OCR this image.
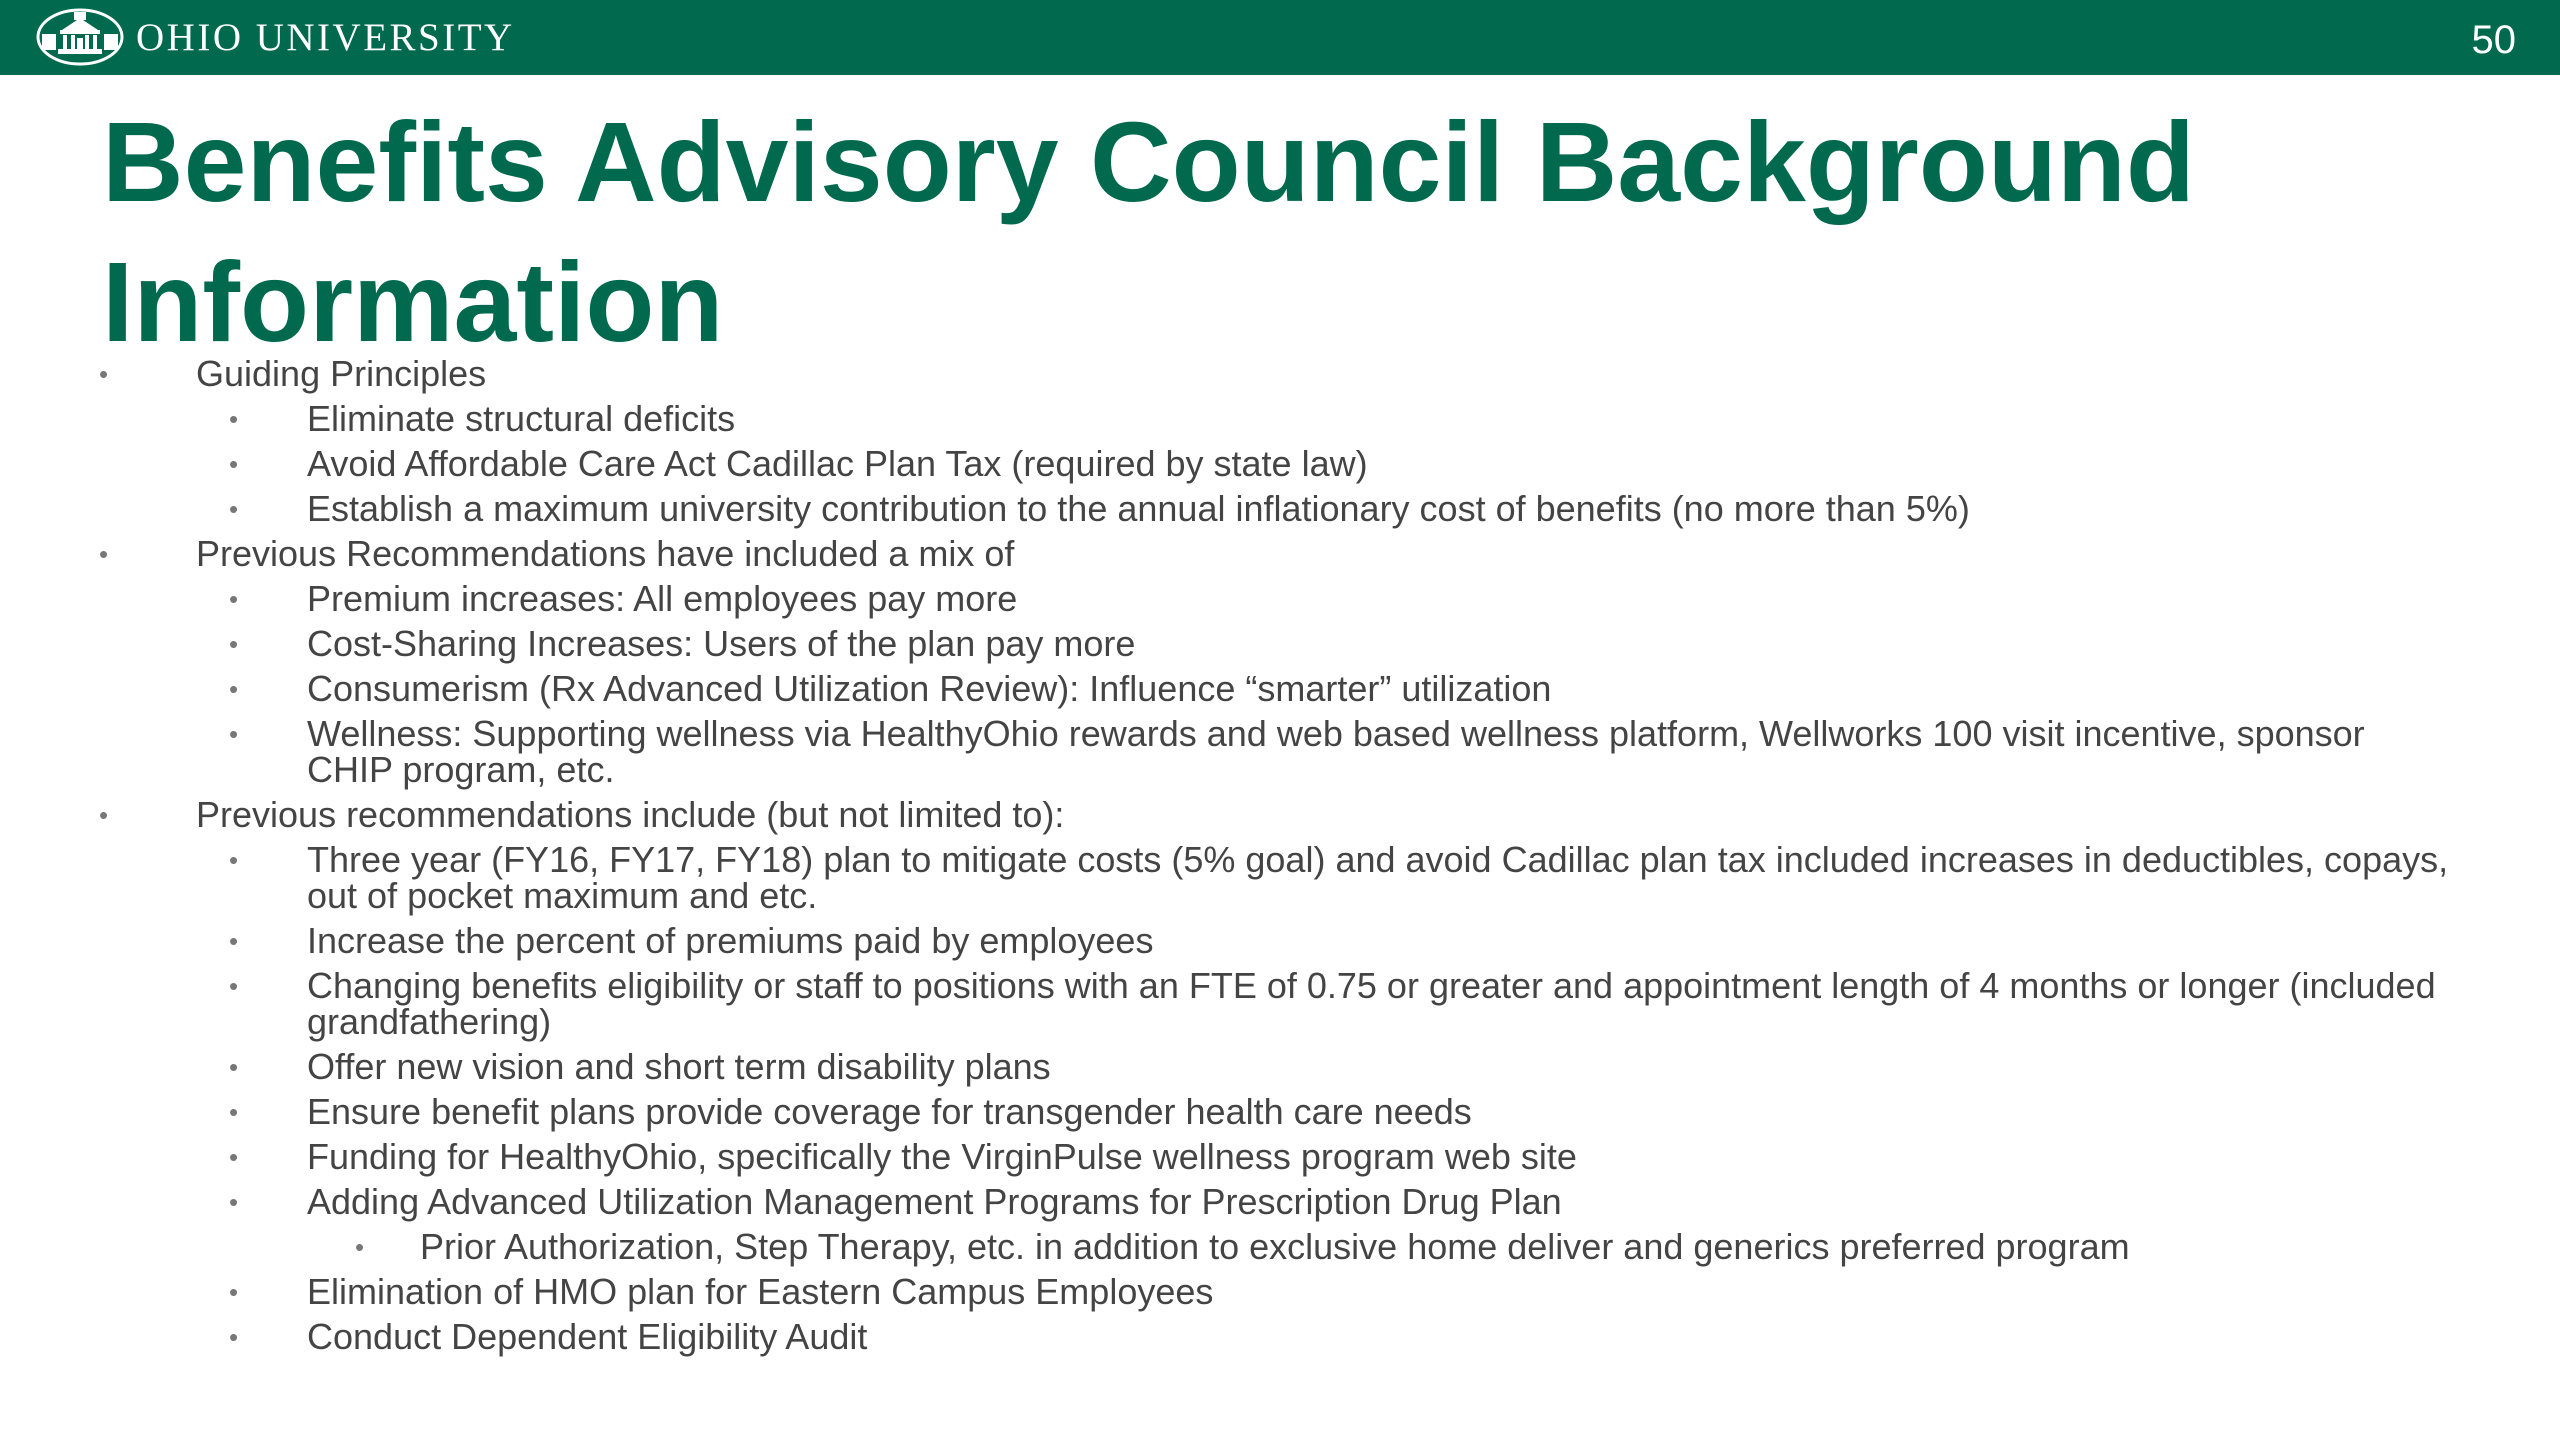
OHIO UNIVERSITY	50
Benefits Advisory Council Background Information
• Guiding Principles
• Eliminate structural deficits
• Avoid Affordable Care Act Cadillac Plan Tax (required by state law)
• Establish a maximum university contribution to the annual inflationary cost of benefits (no more than 5%)
• Previous Recommendations have included a mix of
• Premium increases: All employees pay more
• Cost-Sharing Increases: Users of the plan pay more
• Consumerism (Rx Advanced Utilization Review): Influence “smarter” utilization
• Wellness: Supporting wellness via HealthyOhio rewards and web based wellness platform, Wellworks 100 visit incentive, sponsor CHIP program, etc.
• Previous recommendations include (but not limited to):
• Three year (FY16, FY17, FY18) plan to mitigate costs (5% goal) and avoid Cadillac plan tax included increases in deductibles, copays, out of pocket maximum and etc.
• Increase the percent of premiums paid by employees
• Changing benefits eligibility or staff to positions with an FTE of 0.75 or greater and appointment length of 4 months or longer (included grandfathering)
• Offer new vision and short term disability plans
• Ensure benefit plans provide coverage for transgender health care needs
• Funding for HealthyOhio, specifically the VirginPulse wellness program web site
• Adding Advanced Utilization Management Programs for Prescription Drug Plan
• Prior Authorization, Step Therapy, etc. in addition to exclusive home deliver and generics preferred program
• Elimination of HMO plan for Eastern Campus Employees
• Conduct Dependent Eligibility Audit
